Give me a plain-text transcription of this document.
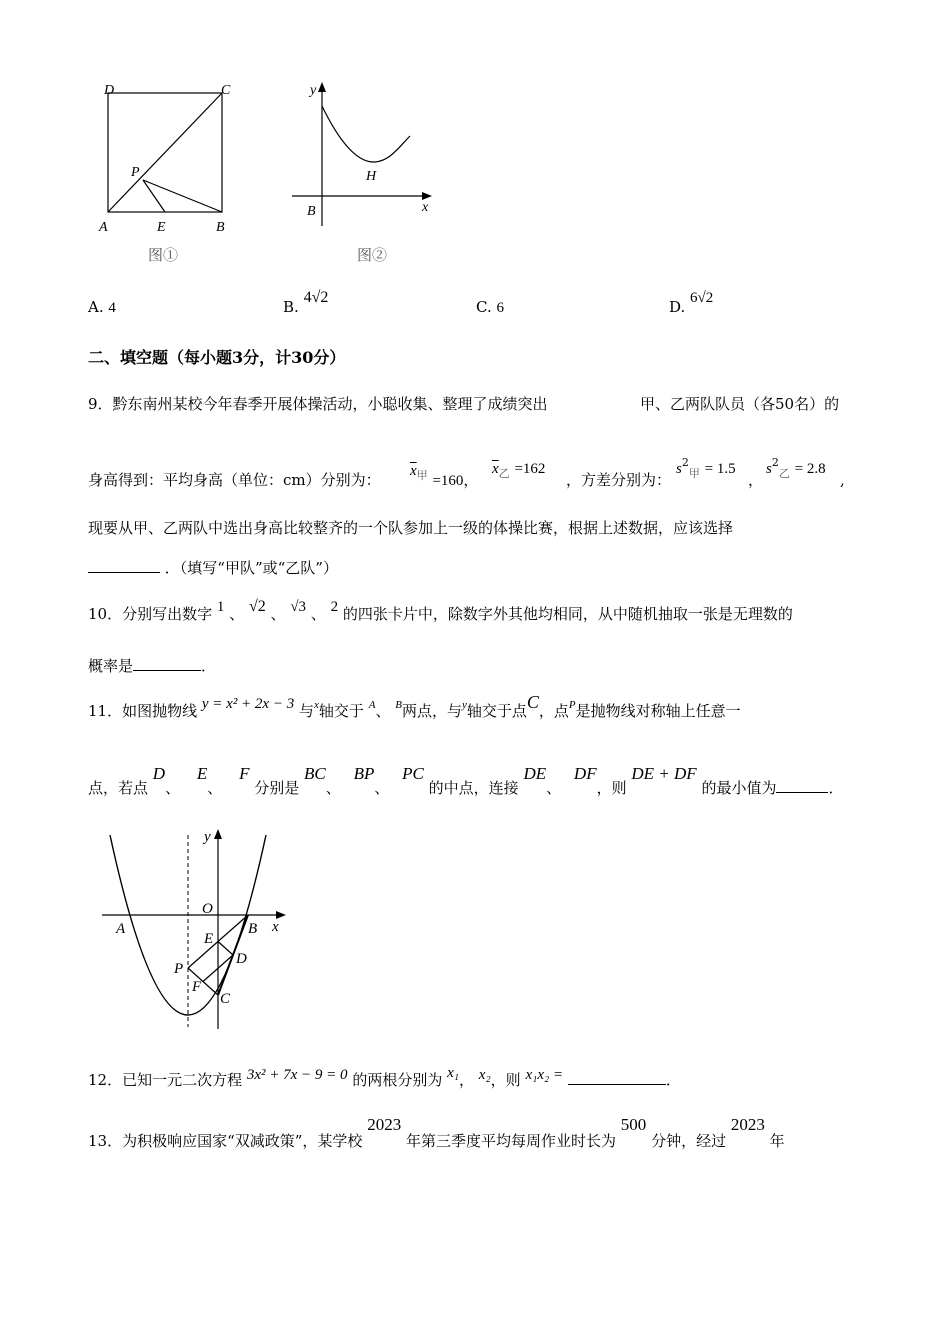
D	C
P
A	E	B
图①
y
x
H
B
图②
A. 4	B. 4√2
C. 6	D. 6√2
二、填空题（每小题3分，计30分）
9．黔东南州某校今年春季开展体操活动，小聪收集、整理了成绩突出	甲、乙两队队员（各50名）的
身高得到：平均身高（单位：cm）分别为： $\overline{x}_甲 =160$，
$\overline{x}_乙 =162$
，方差分别为：
$s^2_甲 = 1.5$
，
$s^2_乙 = 2.8$
,
现要从甲、乙两队中选出身高比较整齐的一个队参加上一级的体操比赛，根据上述数据，应该选择
．（填写“甲队”或“乙队”）
10．分别写出数字 1 、 √2 、 √3 、 2 的四张卡片中，除数字外其他均相同，从中随机抽取一张是无理数的
概率是	．
11．如图抛物线 y = x² + 2x − 3 与$^x$轴交于 $^A$、 $^B$两点，与$^y$轴交于点C，点$^P$是抛物线对称轴上任意一
点，若点 D、 E、 F 分别是 BC、 BP、 PC 的中点，连接 DE、 DF，则 DE + DF 的最小值为	．
y
x
O
A	B
E
D
P
F
C
12．已知一元二次方程 3x² + 7x − 9 = 0 的两根分别为 x₁， x₂，则 x₁x₂ =	．
13．为积极响应国家“双减政策”，某学校 2023 年第三季度平均每周作业时长为 500 分钟，经过 2023 年
